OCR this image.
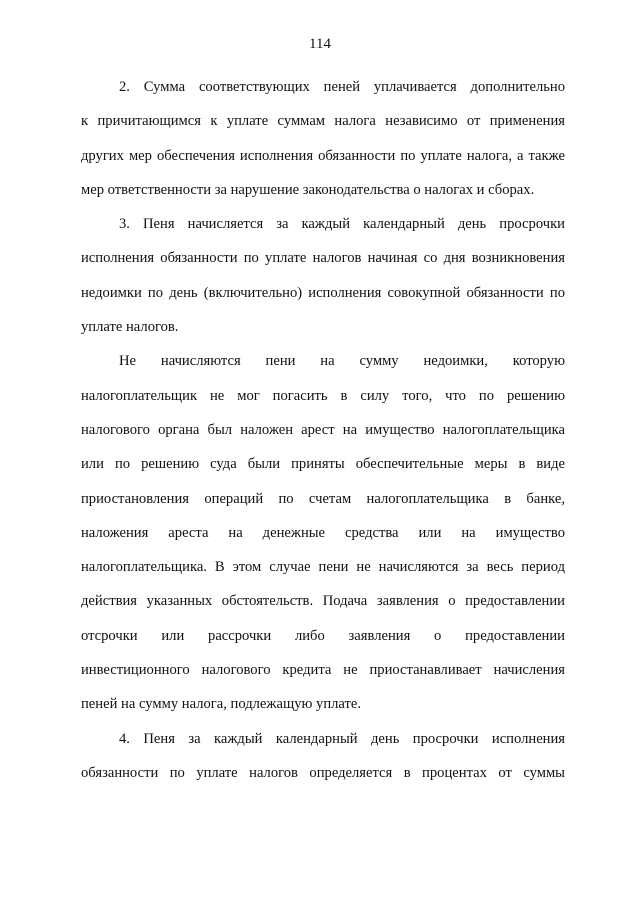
114
2. Сумма соответствующих пеней уплачивается дополнительно
к причитающимся к уплате суммам налога независимо от применения
других мер обеспечения исполнения обязанности по уплате налога, а также
мер ответственности за нарушение законодательства о налогах и сборах.
3. Пеня начисляется за каждый календарный день просрочки
исполнения обязанности по уплате налогов начиная со дня возникновения
недоимки по день (включительно) исполнения совокупной обязанности по
уплате налогов.
Не начисляются пени на сумму недоимки, которую
налогоплательщик не мог погасить в силу того, что по решению
налогового органа был наложен арест на имущество налогоплательщика
или по решению суда были приняты обеспечительные меры в виде
приостановления операций по счетам налогоплательщика в банке,
наложения ареста на денежные средства или на имущество
налогоплательщика. В этом случае пени не начисляются за весь период
действия указанных обстоятельств. Подача заявления о предоставлении
отсрочки или рассрочки либо заявления о предоставлении
инвестиционного налогового кредита не приостанавливает начисления
пеней на сумму налога, подлежащую уплате.
4. Пеня за каждый календарный день просрочки исполнения
обязанности по уплате налогов определяется в процентах от суммы
